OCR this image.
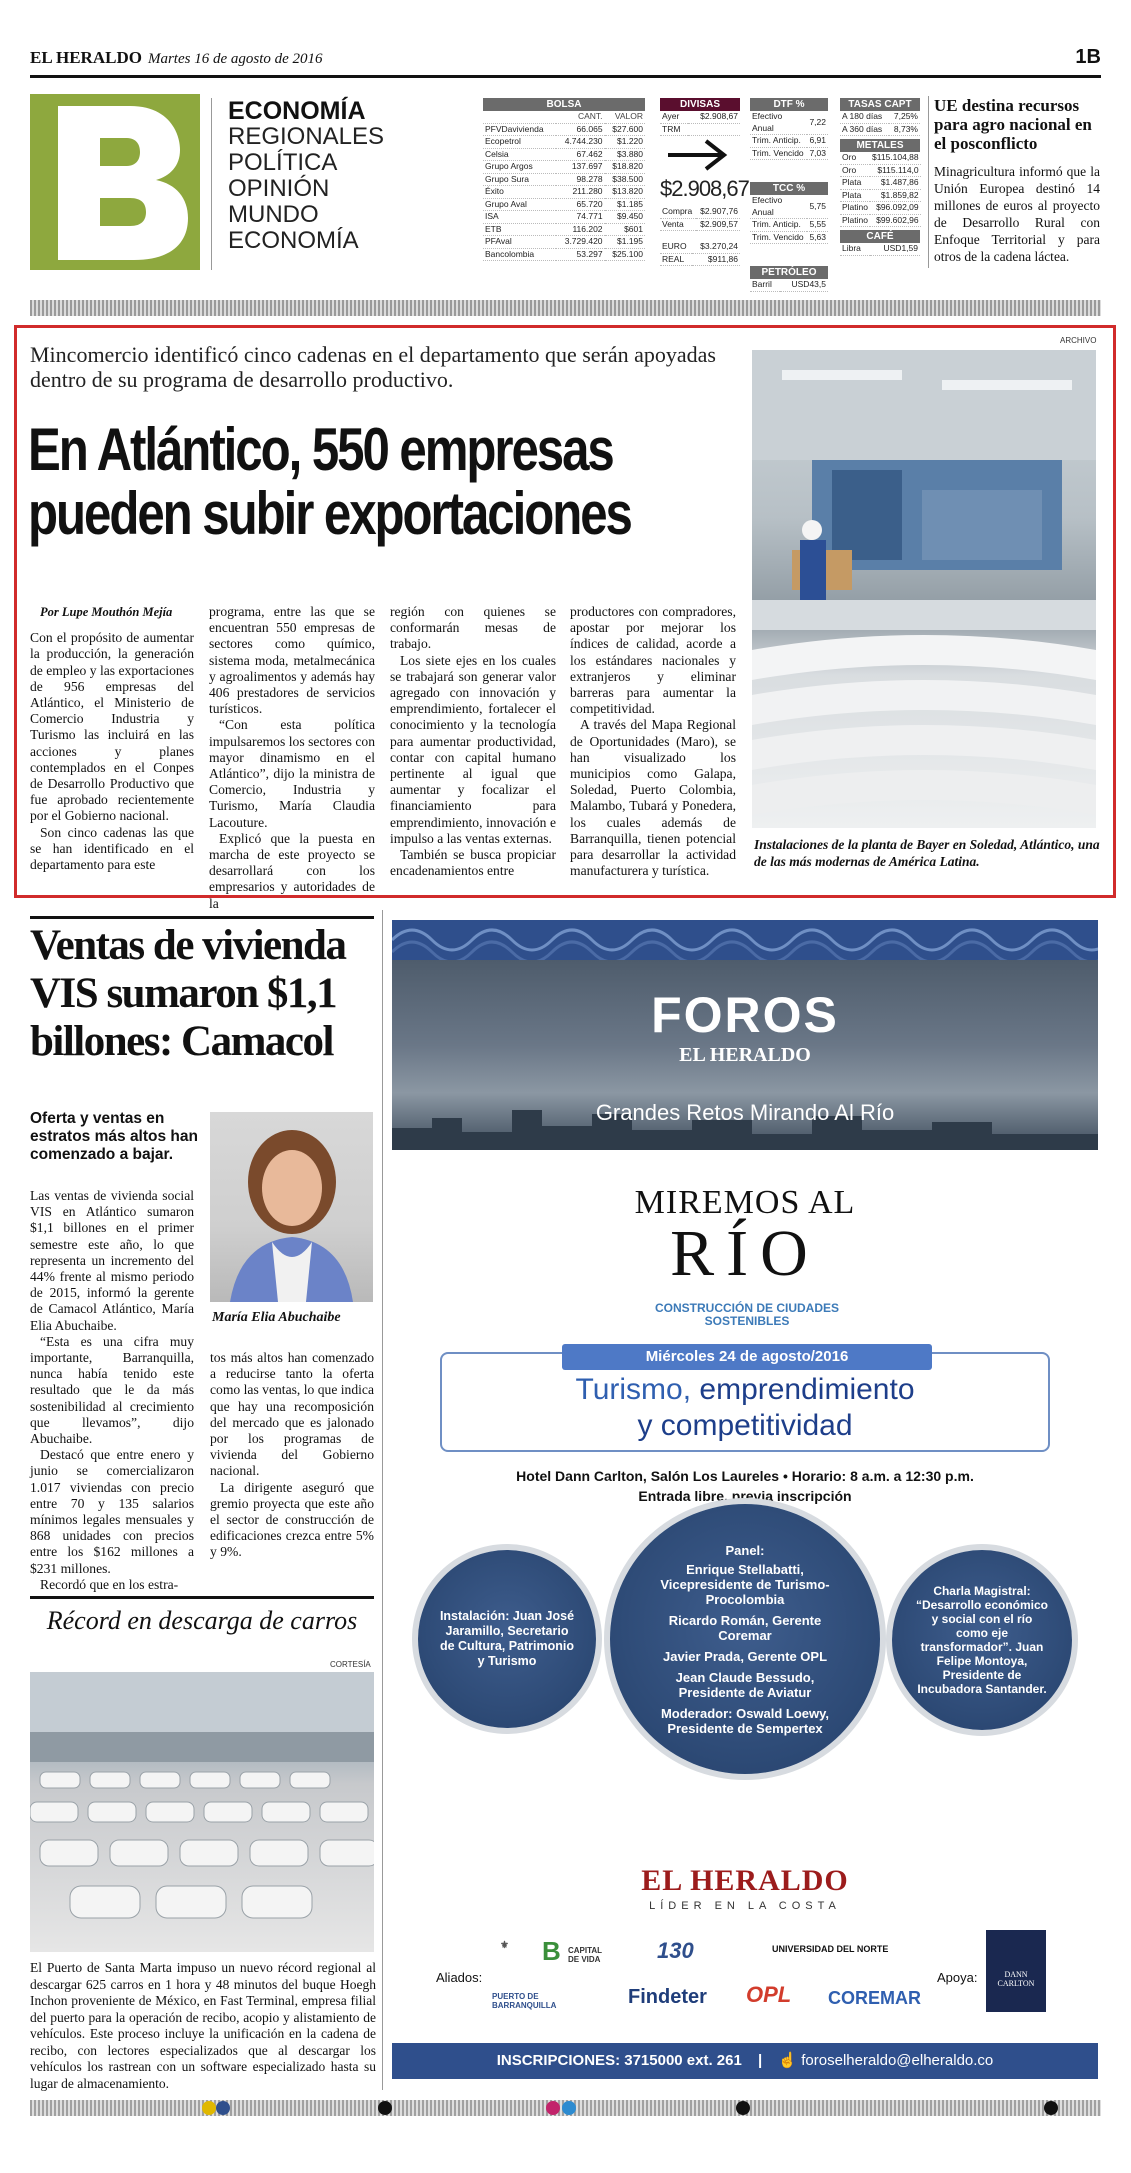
EL HERALDO Martes 16 de agosto de 2016	1B
ECONOMÍA
REGIONALES
POLÍTICA
OPINIÓN
MUNDO
ECONOMÍA
BOLSA
	CANT.	VALOR
PFVDavivienda	66.065	$27.600
Ecopetrol	4.744.230	$1.220
Celsia	67.462	$3.880
Grupo Argos	137.697	$18.820
Grupo Sura	98.278	$38.500
Éxito	211.280	$13.820
Grupo Aval	65.720	$1.185
ISA	74.771	$9.450
ETB	116.202	$601
PFAval	3.729.420	$1.195
Bancolombia	53.297	$25.100
DIVISAS
Ayer	$2.908,67
TRM	
$2.908,67
Compra	$2.907,76
Venta	$2.909,57
EURO	$3.270,24
REAL	$911,86
DTF %
Efectivo Anual	7,22
Trim. Anticip.	6,91
Trim. Vencido	7,03
TCC %
Efectivo Anual	5,75
Trim. Anticip.	5,55
Trim. Vencido	5,63
PETRÓLEO
Barril	USD43,5
TASAS CAPT
A 180 días	7,25%
A 360 días	8,73%
METALES
Oro	$115.104,88
Oro	$115.114,0
Plata	$1.487,86
Plata	$1.859,82
Platino	$96.092,09
Platino	$99.602,96
CAFÉ
Libra	USD1,59
UE destina recursos para agro nacional en el posconflicto

Minagricultura informó que la Unión Europea destinó 14 millones de euros al proyecto de Desarrollo Rural con Enfoque Territorial y para otros de la cadena láctea.

Mincomercio identificó cinco cadenas en el departamento que serán apoyadas dentro de su programa de desarrollo productivo.
En Atlántico, 550 empresas
pueden subir exportaciones
Por Lupe Mouthón Mejía

Con el propósito de aumentar la producción, la generación de empleo y las exportaciones de 956 empresas del Atlántico, el Ministerio de Comercio Industria y Turismo las incluirá en las acciones y planes contemplados en el Conpes de Desarrollo Productivo que fue aprobado recientemente por el Gobierno nacional.

Son cinco cadenas las que se han identificado en el departamento para este

programa, entre las que se encuentran 550 empresas de sectores como químico, sistema moda, metalmecánica y agroalimentos y además hay 406 prestadores de servicios turísticos.

“Con esta política impulsaremos los sectores con mayor dinamismo en el Atlántico”, dijo la ministra de Comercio, Industria y Turismo, María Claudia Lacouture.

Explicó que la puesta en marcha de este proyecto se desarrollará con los empresarios y autoridades de la

región con quienes se conformarán mesas de trabajo.

Los siete ejes en los cuales se trabajará son generar valor agregado con innovación y emprendimiento, fortalecer el conocimiento y la tecnología para aumentar productividad, contar con capital humano pertinente al igual que aumentar y focalizar el financiamiento para emprendimiento, innovación e impulso a las ventas externas.

También se busca propiciar encadenamientos entre

productores con compradores, apostar por mejorar los índices de calidad, acorde a los estándares nacionales y extranjeros y eliminar barreras para aumentar la competitividad.

A través del Mapa Regional de Oportunidades (Maro), se han visualizado los municipios como Galapa, Soledad, Puerto Colombia, Malambo, Tubará y Ponedera, los cuales además de Barranquilla, tienen potencial para desarrollar la actividad manufacturera y turística.

ARCHIVO
Instalaciones de la planta de Bayer en Soledad, Atlántico, una de las más modernas de América Latina.
Ventas de vivienda VIS sumaron $1,1 billones: Camacol
Oferta y ventas en estratos más altos han comenzado a bajar.

Las ventas de vivienda social VIS en Atlántico sumaron $1,1 billones en el primer semestre este año, lo que representa un incremento del 44% frente al mismo periodo de 2015, informó la gerente de Camacol Atlántico, María Elia Abuchaibe.

“Esta es una cifra muy importante, Barranquilla, nunca había tenido este resultado que le da más sostenibilidad al crecimiento que llevamos”, dijo Abuchaibe.

Destacó que entre enero y junio se comercializaron 1.017 viviendas con precio entre 70 y 135 salarios mínimos legales mensuales y 868 unidades con precios entre los $162 millones a $231 millones.

Recordó que en los estra-

María Elia Abuchaibe

tos más altos han comenzado a reducirse tanto la oferta como las ventas, lo que indica que hay una recomposición del mercado que es jalonado por los programas de vivienda del Gobierno nacional.

La dirigente aseguró que gremio proyecta que este año el sector de construcción de edificaciones crezca entre 5% y 9%.

Récord en descarga de carros
CORTESÍA
El Puerto de Santa Marta impuso un nuevo récord regional al descargar 625 carros en 1 hora y 48 minutos del buque Hoegh Inchon proveniente de México, en Fast Terminal, empresa filial del puerto para la operación de recibo, acopio y alistamiento de vehículos. Este proceso incluye la unificación en la cadena de recibo, con lectores especializados que al descargar los vehículos los rastrean con un software especializado hasta su lugar de almacenamiento.
FOROS
EL HERALDO
Grandes Retos Mirando Al Río
MIREMOS AL
RÍO
CONSTRUCCIÓN DE CIUDADES SOSTENIBLES
Miércoles 24 de agosto/2016
Turismo, emprendimiento
y competitividad
Hotel Dann Carlton, Salón Los Laureles • Horario: 8 a.m. a 12:30 p.m.
Entrada libre, previa inscripción
Instalación: Juan José Jaramillo, Secretario de Cultura, Patrimonio y Turismo
Panel:
Enrique Stellabatti, Vicepresidente de Turismo- Procolombia
Ricardo Román, Gerente Coremar
Javier Prada, Gerente OPL
Jean Claude Bessudo, Presidente de Aviatur
Moderador: Oswald Loewy, Presidente de Sempertex
Charla Magistral: “Desarrollo económico y social con el río como eje transformador”. Juan Felipe Montoya, Presidente de Incubadora Santander.
EL HERALDO
LÍDER EN LA COSTA
Aliados:
⚜ B CAPITAL DE VIDA	130	UNIVERSIDAD DEL NORTE
PUERTO DE BARRANQUILLA	Findeter OPL COREMAR
Apoya:	DANN CARLTON
INSCRIPCIONES: 3715000 ext. 261 | ☝ foroselheraldo@elheraldo.co
